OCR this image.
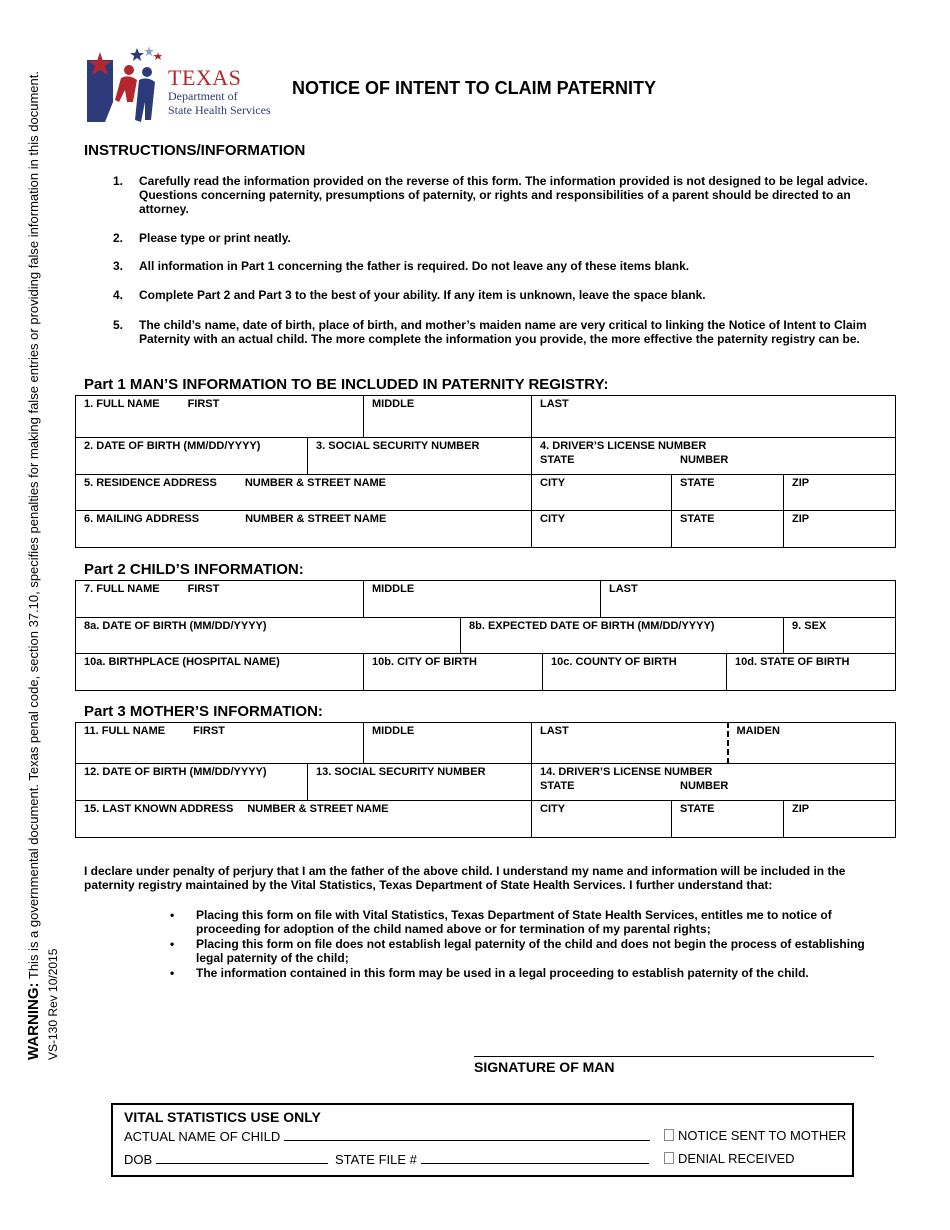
WARNING: This is a governmental document. Texas penal code, section 37.10, specifies penalties for making false entries or providing false information in this document.
VS-130 Rev 10/2015
TEXAS
Department of
State Health Services
NOTICE OF INTENT TO CLAIM PATERNITY
INSTRUCTIONS/INFORMATION
1. Carefully read the information provided on the reverse of this form. The information provided is not designed to be legal advice. Questions concerning paternity, presumptions of paternity, or rights and responsibilities of a parent should be directed to an attorney.
2. Please type or print neatly.
3. All information in Part 1 concerning the father is required. Do not leave any of these items blank.
4. Complete Part 2 and Part 3 to the best of your ability. If any item is unknown, leave the space blank.
5. The child’s name, date of birth, place of birth, and mother’s maiden name are very critical to linking the Notice of Intent to Claim Paternity with an actual child. The more complete the information you provide, the more effective the paternity registry can be.
Part 1 MAN’S INFORMATION TO BE INCLUDED IN PATERNITY REGISTRY:
1. FULL NAME FIRST		MIDDLE	LAST		
2. DATE OF BIRTH (MM/DD/YYYY)	3. SOCIAL SECURITY NUMBER		4. DRIVER’S LICENSE NUMBER
STATE NUMBER		

5. RESIDENCE ADDRESS NUMBER & STREET NAME			CITY	STATE	ZIP
6. MAILING ADDRESS NUMBER & STREET NAME			CITY	STATE	ZIP
Part 2 CHILD’S INFORMATION:
7. FULL NAME FIRST	MIDDLE			LAST		
8a. DATE OF BIRTH (MM/DD/YYYY)		8b. EXPECTED DATE OF BIRTH (MM/DD/YYYY)				9. SEX
10a. BIRTHPLACE (HOSPITAL NAME)	10b. CITY OF BIRTH		10c. COUNTY OF BIRTH		10d. STATE OF BIRTH	
Part 3 MOTHER’S INFORMATION:
11. FULL NAME FIRST		MIDDLE	LAST		MAIDEN	
12. DATE OF BIRTH (MM/DD/YYYY)	13. SOCIAL SECURITY NUMBER		14. DRIVER’S LICENSE NUMBER
STATE NUMBER			

15. LAST KNOWN ADDRESS NUMBER & STREET NAME			CITY	STATE		ZIP
I declare under penalty of perjury that I am the father of the above child. I understand my name and information will be included in the paternity registry maintained by the Vital Statistics, Texas Department of State Health Services. I further understand that:
• Placing this form on file with Vital Statistics, Texas Department of State Health Services, entitles me to notice of proceeding for adoption of the child named above or for termination of my parental rights;
• Placing this form on file does not establish legal paternity of the child and does not begin the process of establishing legal paternity of the child;
• The information contained in this form may be used in a legal proceeding to establish paternity of the child.
SIGNATURE OF MAN
VITAL STATISTICS USE ONLY
ACTUAL NAME OF CHILD
DOB	STATE FILE #
NOTICE SENT TO MOTHER
DENIAL RECEIVED
